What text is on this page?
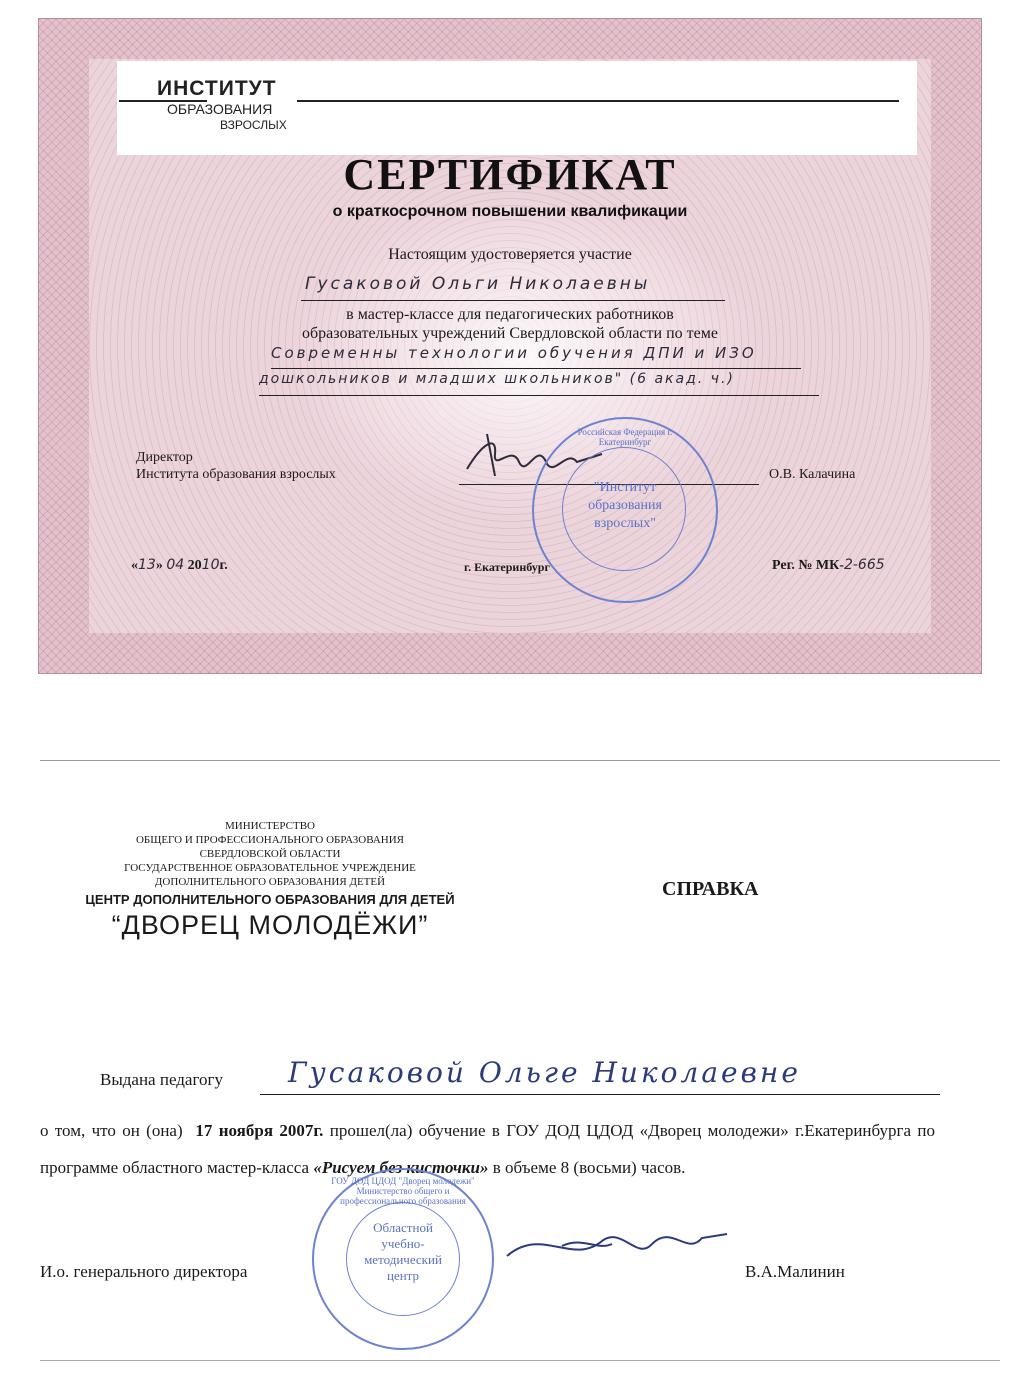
ИНСТИТУТ
ОБРАЗОВАНИЯ
ВЗРОСЛЫХ
СЕРТИФИКАТ
о краткосрочном повышении квалификации
Настоящим удостоверяется участие
Гусаковой Ольги Николаевны
в мастер-классе для педагогических работников
образовательных учреждений Свердловской области по теме
Современны технологии обучения ДПИ и ИЗО
дошкольников и младших школьников" (6 акад. ч.)
Директор
Института образования взрослых	О.В. Калачина
"Институт образования взрослых"
Российская Федерация г. Екатеринбург
«13» 04 2010г.	г. Екатеринбург	Рег. № МК-2-665
МИНИСТЕРСТВО
ОБЩЕГО И ПРОФЕССИОНАЛЬНОГО ОБРАЗОВАНИЯ
СВЕРДЛОВСКОЙ ОБЛАСТИ
ГОСУДАРСТВЕННОЕ ОБРАЗОВАТЕЛЬНОЕ УЧРЕЖДЕНИЕ
ДОПОЛНИТЕЛЬНОГО ОБРАЗОВАНИЯ ДЕТЕЙ
ЦЕНТР ДОПОЛНИТЕЛЬНОГО ОБРАЗОВАНИЯ ДЛЯ ДЕТЕЙ
“ДВОРЕЦ МОЛОДЁЖИ”
СПРАВКА
Выдана педагогу Гусаковой Ольге Николаевне
о том, что он (она) 17 ноября 2007г. прошел(ла) обучение в ГОУ ДОД ЦДОД «Дворец молодежи» г.Екатеринбурга по программе областного мастер-класса «Рисуем без кисточки» в объеме 8 (восьми) часов.
ГОУ ДОД ЦДОД "Дворец молодежи" Министерство общего и профессионального образования
Областной
учебно-
методический
центр
И.о. генерального директора	В.А.Малинин
